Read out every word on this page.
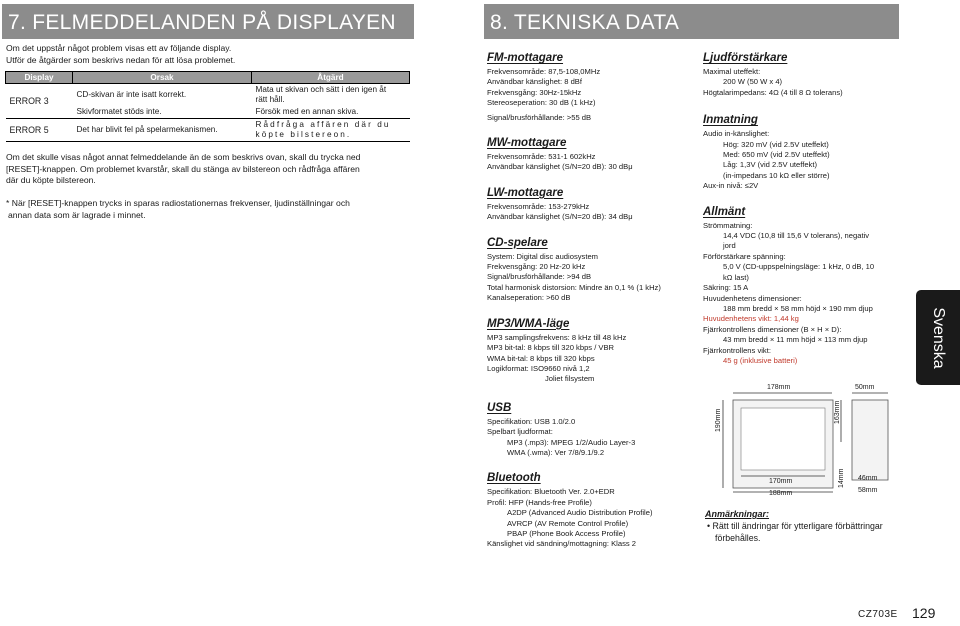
7. FELMEDDELANDEN PÅ DISPLAYEN
Om det uppstår något problem visas ett av följande display.
Utför de åtgärder som beskrivs nedan för att lösa problemet.
Display	Orsak	Åtgärd
ERROR 3	CD-skivan är inte isatt korrekt.	Mata ut skivan och sätt i den igen åt rätt håll.
	Skivformatet stöds inte.	Försök med en annan skiva.
ERROR 5	Det har blivit fel på spelarmekanismen.	Rådfråga affären där du köpte bilstereon.
Om det skulle visas något annat felmeddelande än de som beskrivs ovan, skall du trycka ned
[RESET]-knappen. Om problemet kvarstår, skall du stänga av bilstereon och rådfråga affären
där du köpte bilstereon.
* När [RESET]-knappen trycks in sparas radiostationernas frekvenser, ljudinställningar och
annan data som är lagrade i minnet.
8. TEKNISKA DATA
FM-mottagare
Frekvensområde: 87,5-108,0MHz
Användbar känslighet: 8 dBf
Frekvensgång: 30Hz-15kHz
Stereoseperation: 30 dB (1 kHz)
Signal/brusförhållande: >55 dB
MW-mottagare
Frekvensområde: 531-1 602kHz
Användbar känslighet (S/N=20 dB): 30 dBμ
LW-mottagare
Frekvensområde: 153-279kHz
Användbar känslighet (S/N=20 dB): 34 dBμ
CD-spelare
System: Digital disc audiosystem
Frekvensgång: 20 Hz-20 kHz
Signal/brusförhållande: >94 dB
Total harmonisk distorsion: Mindre än 0,1 % (1 kHz)
Kanalseperation: >60 dB
MP3/WMA-läge
MP3 samplingsfrekvens: 8 kHz till 48 kHz
MP3 bit-tal: 8 kbps till 320 kbps / VBR
WMA bit-tal: 8 kbps till 320 kbps
Logikformat: ISO9660 nivå 1,2
Joliet filsystem
USB
Specifikation: USB 1.0/2.0
Spelbart ljudformat:
MP3 (.mp3): MPEG 1/2/Audio Layer-3
WMA (.wma): Ver 7/8/9.1/9.2
Bluetooth
Specifikation: Bluetooth Ver. 2.0+EDR
Profil: HFP (Hands-free Profile)
A2DP (Advanced Audio Distribution Profile)
AVRCP (AV Remote Control Profile)
PBAP (Phone Book Access Profile)
Känslighet vid sändning/mottagning: Klass 2
Ljudförstärkare
Maximal uteffekt:
200 W (50 W x 4)
Högtalarimpedans: 4Ω (4 till 8 Ω tolerans)
Inmatning
Audio in-känslighet:
Hög: 320 mV (vid 2.5V uteffekt)
Med: 650 mV (vid 2.5V uteffekt)
Låg: 1,3V (vid 2.5V uteffekt)
(in-impedans 10 kΩ eller större)
Aux-in nivå: ≤2V
Allmänt
Strömmatning:
14,4 VDC (10,8 till 15,6 V tolerans), negativ
jord
Förförstärkare spänning:
5,0 V (CD-uppspelningsläge: 1 kHz, 0 dB, 10
kΩ last)
Säkring: 15 A
Huvudenhetens dimensioner:
188 mm bredd × 58 mm höjd × 190 mm djup
Huvudenhetens vikt: 1,44 kg
Fjärrkontrollens dimensioner (B × H × D):
43 mm bredd × 11 mm höjd × 113 mm djup
Fjärrkontrollens vikt:
45 g (inklusive batteri)
178mm	50mm
190mm	163mm
170mm
188mm
14mm 46mm
58mm
Anmärkningar:
• Rätt till ändringar för ytterligare förbättringar förbehålles.
Svenska
CZ703E 129
